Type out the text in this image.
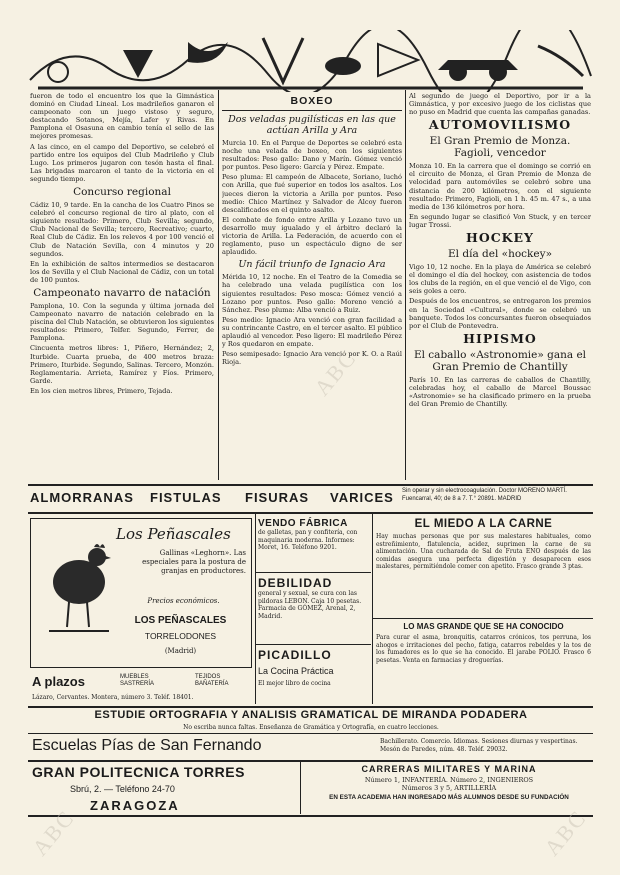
fueron de todo el encuentro los que la Gimnástica dominó en Ciudad Lineal. Los madrileños ganaron el campeonato con un juego vistoso y seguro, destacando Sotanos, Mejía, Lafer y Rivas. En Pamplona el Osasuna en cambio tenía el sello de las mejores promesas.

A las cinco, en el campo del Deportivo, se celebró el partido entre los equipos del Club Madrileño y Club Lugo. Los primeros jugaron con tesón hasta el final. Las brigadas marcaron el tanto de la victoria en el segundo tiempo.

Concurso regional

Cádiz 10, 9 tarde. En la cancha de los Cuatro Pinos se celebró el concurso regional de tiro al plato, con el siguiente resultado: Primero, Club Sevilla; segundo, Club Nacional de Sevilla; tercero, Recreativo; cuarto, Real Club de Cádiz. En los relevos 4 por 100 venció el Club de Natación Sevilla, con 4 minutos y 20 segundos.

En la exhibición de saltos intermedios se destacaron los de Sevilla y el Club Nacional de Cádiz, con un total de 100 puntos.

Campeonato navarro de natación

Pamplona, 10. Con la segunda y última jornada del Campeonato navarro de natación celebrado en la piscina del Club Natación, se obtuvieron los siguientes resultados: Primero, Telfer. Segundo, Ferrer, de Pamplona.

Cincuenta metros libres: 1, Piñero, Hernández; 2, Iturbide. Cuarta prueba, de 400 metros braza: Primero, Iturbide. Segundo, Salinas. Tercero, Monzón. Reglamentaria. Arrieta, Ramírez y Fíos. Primero, Garde.

En los cien metros libres, Primero, Tejada.

BOXEO
Dos veladas pugilísticas en las que actúan Arilla y Ara

Murcia 10. En el Parque de Deportes se celebró esta noche una velada de boxeo, con los siguientes resultados: Peso gallo: Dano y Marín. Gómez venció por puntos. Peso ligero: García y Pérez. Empate.

Peso pluma: El campeón de Albacete, Soriano, luchó con Arilla, que fué superior en todos los asaltos. Los jueces dieron la victoria a Arilla por puntos. Peso medio: Chico Martínez y Salvador de Alcoy fueron descalificados en el quinto asalto.

El combate de fondo entre Arilla y Lozano tuvo un desarrollo muy igualado y el árbitro declaró la victoria de Arilla. La Federación, de acuerdo con el reglamento, puso un espectáculo digno de ser aplaudido.

Un fácil triunfo de Ignacio Ara

Mérida 10, 12 noche. En el Teatro de la Comedia se ha celebrado una velada pugilística con los siguientes resultados: Peso mosca: Gómez venció a Lozano por puntos. Peso gallo: Moreno venció a Sánchez. Peso pluma: Alba venció a Ruiz.

Peso medio: Ignacio Ara venció con gran facilidad a su contrincante Castro, en el tercer asalto. El público aplaudió al vencedor. Peso ligero: El madrileño Pérez y Ros quedaron en empate.

Peso semipesado: Ignacio Ara venció por K. O. a Raúl Rioja.

Al segundo de juego el Deportivo, por ir a la Gimnástica, y por excesivo juego de los ciclistas que no puso en Madrid que cuenta las campañas ganadas.

AUTOMOVILISMO
El Gran Premio de Monza. Fagioli, vencedor

Monza 10. En la carrera que el domingo se corrió en el circuito de Monza, el Gran Premio de Monza de velocidad para automóviles se celebró sobre una distancia de 200 kilómetros, con el siguiente resultado: Primero, Fagioli, en 1 h. 45 m. 47 s., a una media de 136 kilómetros por hora.

En segundo lugar se clasificó Von Stuck, y en tercer lugar Trossi.

HOCKEY
El día del «hockey»

Vigo 10, 12 noche. En la playa de América se celebró el domingo el día del hockey, con asistencia de todos los clubs de la región, en el que venció el de Vigo, con seis goles a cero.

Después de los encuentros, se entregaron los premios en la Sociedad «Cultural», donde se celebró un banquete. Todos los concursantes fueron obsequiados por el Club de Pontevedra.

HIPISMO
El caballo «Astronomie» gana el Gran Premio de Chantilly

París 10. En las carreras de caballos de Chantilly, celebradas hoy, el caballo de Marcel Boussac «Astronomie» se ha clasificado primero en la prueba del Gran Premio de Chantilly.

ALMORRANAS FISTULAS FISURAS VARICES Sin operar y sin electrocoagulación. Doctor MORENO MARTÍ. Fuencarral, 40; de 8 a 7. T.° 20891. MADRID
Los Peñascales
Gallinas «Leghorn». Las especiales para la postura de granjas en productores.
Precios económicos.
LOS PEÑASCALES
TORRELODONES
(Madrid)
A plazos	MUEBLES SASTRERÍA
TEJIDOS BAÑATERÍA
Lázaro, Cervantes. Montera, número 3. Teléf. 18401.
VENDO FÁBRICA
de galletas, pan y confitería, con maquinaria moderna. Informes: Moret, 16. Teléfono 9201.
DEBILIDAD
general y sexual, se cura con las pildoras LEBON. Caja 10 pesetas. Farmacia de GÓMEZ, Arenal, 2, Madrid.
PICADILLO
La Cocina Práctica
El mejor libro de cocina
EL MIEDO A LA CARNE
Hay muchas personas que por sus malestares habituales, como estreñimiento, flatulencia, acidez, suprimen la carne de su alimentación. Una cucharada de Sal de Fruta ENO después de las comidas asegura una perfecta digestión y desaparecen esos malestares, permitiéndole comer con apetito. Frasco grande 3 ptas.
LO MAS GRANDE QUE SE HA CONOCIDO
Para curar el asma, bronquitis, catarros crónicos, tos perruna, los ahogos e irritaciones del pecho, fatiga, catarros rebeldes y la tos de los fumadores es lo que se ha conocido. El jarabe POLIO. Frasco 6 pesetas. Venta en farmacias y droguerías.
ESTUDIE ORTOGRAFIA Y ANALISIS GRAMATICAL DE MIRANDA PODADERA
No escriba nunca faltas. Enseñanza de Gramática y Ortografía, en cuatro lecciones.
Escuelas Pías de San Fernando	Bachillerato. Comercio. Idiomas. Sesiones diurnas y vespertinas. Mesón de Paredes, núm. 48. Teléf. 29032.
GRAN POLITECNICA TORRES
Sbrú, 2. — Teléfono 24-70
ZARAGOZA
CARRERAS MILITARES Y MARINA
Número 1, INFANTERÍA. Número 2, INGENIEROS
Números 3 y 5, ARTILLERÍA
EN ESTA ACADEMIA HAN INGRESADO MÁS ALUMNOS DESDE SU FUNDACIÓN
ABC
ABC
ABC
